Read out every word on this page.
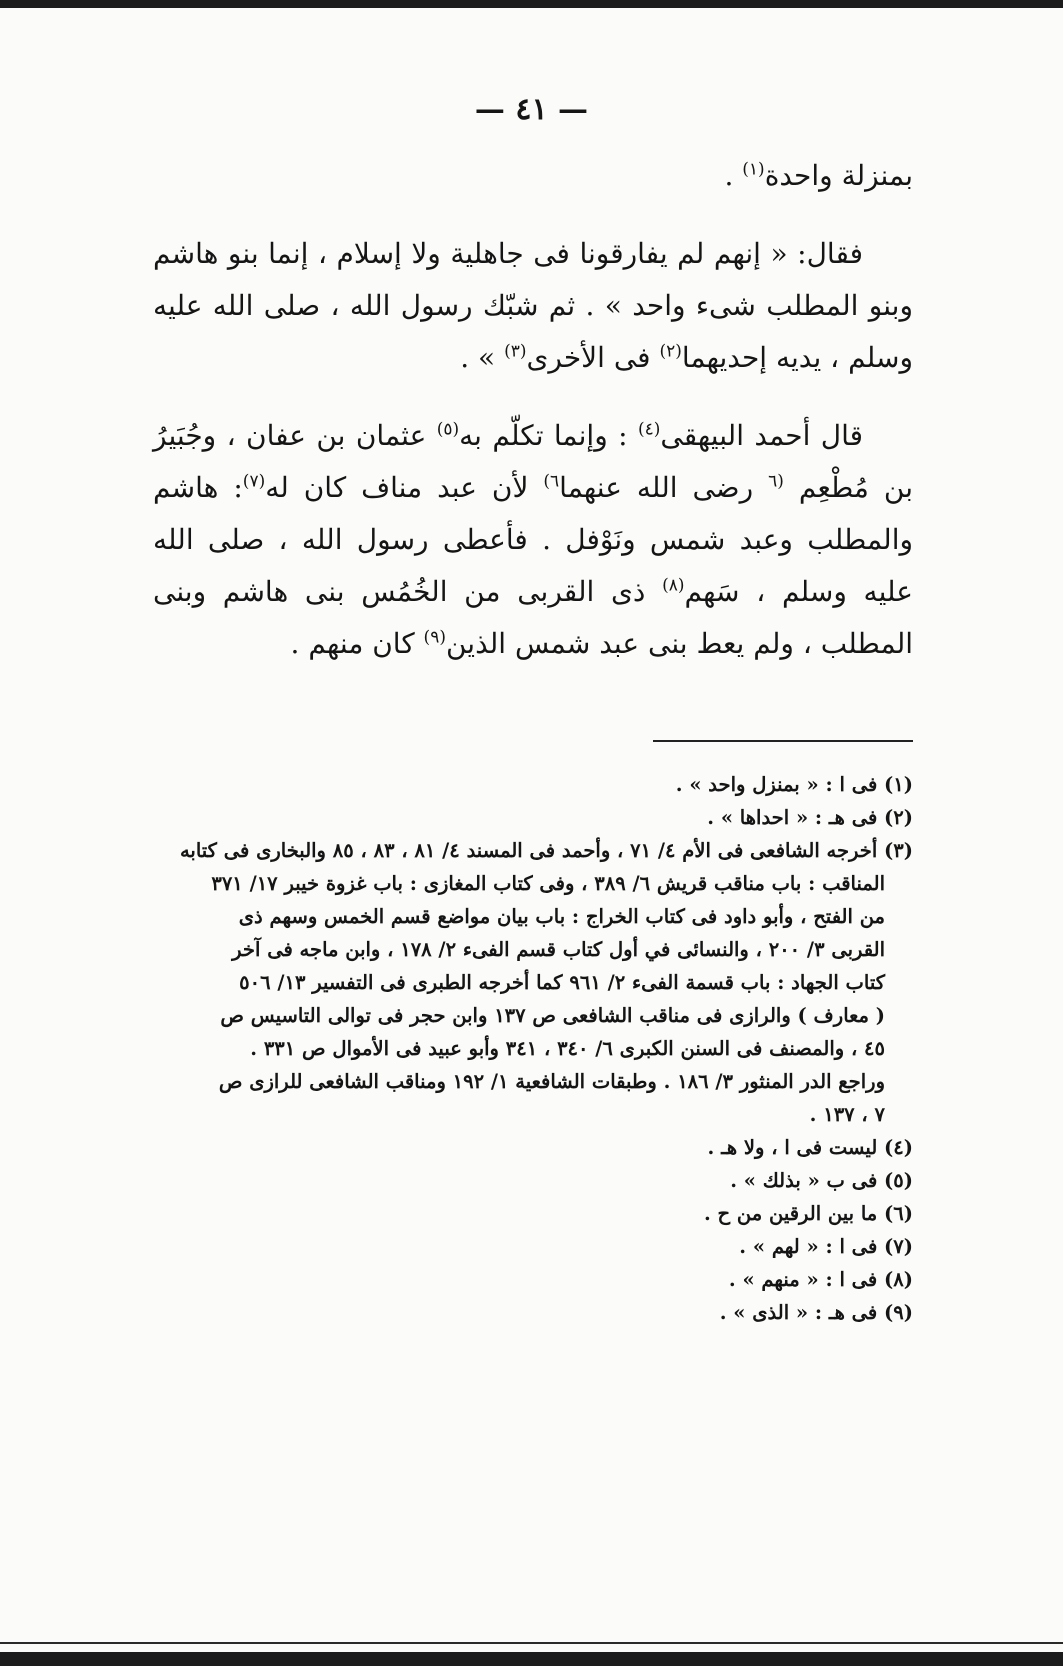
— ٤١ —

بمنزلة واحدة$^{(١)}$ .

فقال: « إنهم لم يفارقونا فى جاهلية ولا إسلام ، إنما بنو هاشم وبنو المطلب شىء واحد » . ثم شبّك رسول الله ، صلى الله عليه وسلم ، يديه إحديهما$^{(٢)}$ فى الأخرى$^{(٣)}$ » .

قال أحمد البيهقى$^{(٤)}$ : وإنما تكلّم به$^{(٥)}$ عثمان بن عفان ، وجُبَيرُ بن مُطْعِم $^{(٦}$ رضى الله عنهما$^{٦)}$ لأن عبد مناف كان له$^{(٧)}$: هاشم والمطلب وعبد شمس ونَوْفل . فأعطى رسول الله ، صلى الله عليه وسلم ، سَهم$^{(٨)}$ ذى القربى من الخُمُس بنى هاشم وبنى المطلب ، ولم يعط بنى عبد شمس الذين$^{(٩)}$ كان منهم .

(١) فى ا : « بمنزل واحد » .

(٢) فى هـ : « احداها » .

(٣) أخرجه الشافعى فى الأم ٤/ ٧١ ، وأحمد فى المسند ٤/ ٨١ ، ٨٣ ، ٨٥ والبخارى فى كتابه

المناقب : باب مناقب قريش ٦/ ٣٨٩ ، وفى كتاب المغازى : باب غزوة خيبر ١٧/ ٣٧١

من الفتح ، وأبو داود فى كتاب الخراج : باب بيان مواضع قسم الخمس وسهم ذى

القربى ٣/ ٢٠٠ ، والنسائى في أول كتاب قسم الفىء ٢/ ١٧٨ ، وابن ماجه فى آخر

كتاب الجهاد : باب قسمة الفىء ٢/ ٩٦١ كما أخرجه الطبرى فى التفسير ١٣/ ٥٠٦

( معارف ) والرازى فى مناقب الشافعى ص ١٣٧ وابن حجر فى توالى التاسيس ص

٤٥ ، والمصنف فى السنن الكبرى ٦/ ٣٤٠ ، ٣٤١ وأبو عبيد فى الأموال ص ٣٣١ .

وراجع الدر المنثور ٣/ ١٨٦ . وطبقات الشافعية ١/ ١٩٢ ومناقب الشافعى للرازى ص

٧ ، ١٣٧ .

(٤) ليست فى ا ، ولا هـ .

(٥) فى ب « بذلك » .

(٦) ما بين الرقين من ح .

(٧) فى ا : « لهم » .

(٨) فى ا : « منهم » .

(٩) فى هـ : « الذى » .
